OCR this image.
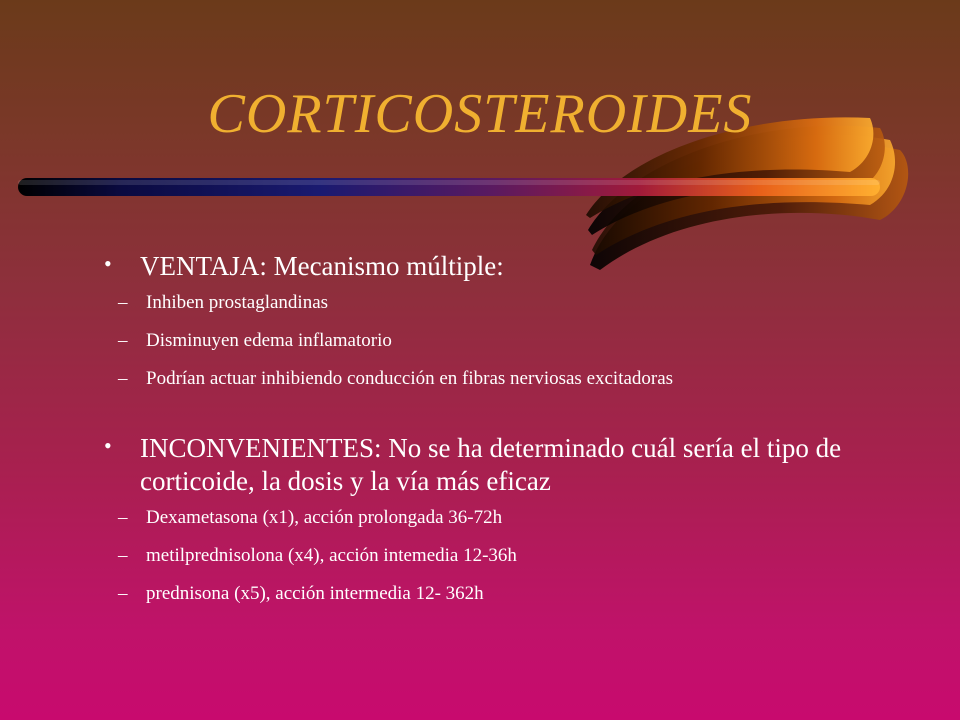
CORTICOSTEROIDES
• VENTAJA: Mecanismo múltiple:
– Inhiben prostaglandinas
– Disminuyen edema inflamatorio
– Podrían actuar inhibiendo conducción en fibras nerviosas excitadoras
• INCONVENIENTES: No se ha determinado cuál sería el tipo de corticoide, la dosis y la vía más eficaz
– Dexametasona (x1), acción prolongada 36-72h
– metilprednisolona (x4), acción intemedia 12-36h
– prednisona (x5), acción intermedia 12- 362h
